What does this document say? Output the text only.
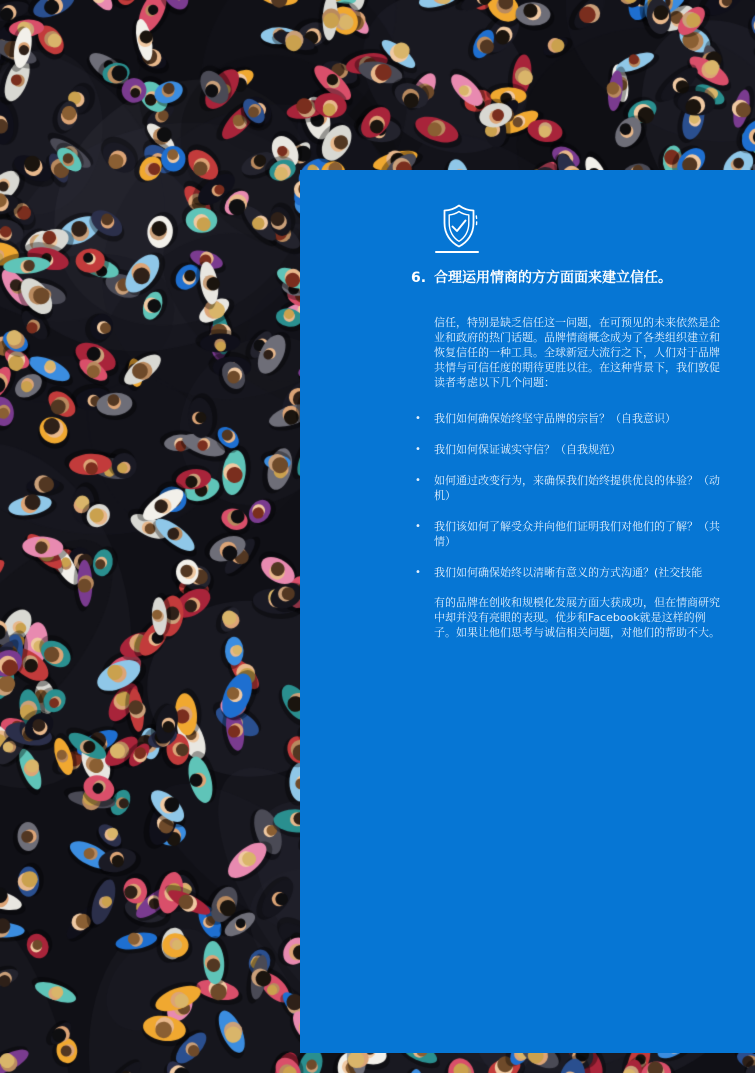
6. 合理运用情商的方方面面来建立信任。

信任，特别是缺乏信任这一问题，在可预见的未来依然是企业和政府的热门话题。品牌情商概念成为了各类组织建立和恢复信任的一种工具。全球新冠大流行之下，人们对于品牌共情与可信任度的期待更胜以往。在这种背景下，我们敦促读者考虑以下几个问题：

•	我们如何确保始终坚守品牌的宗旨？（自我意识）
•	我们如何保证诚实守信？（自我规范）
•	如何通过改变行为，来确保我们始终提供优良的体验？（动机）
•	我们该如何了解受众并向他们证明我们对他们的了解？（共情）
•	我们如何确保始终以清晰有意义的方式沟通？(社交技能

有的品牌在创收和规模化发展方面大获成功，但在情商研究中却并没有亮眼的表现。优步和Facebook就是这样的例子。如果让他们思考与诚信相关问题，对他们的帮助不大。
